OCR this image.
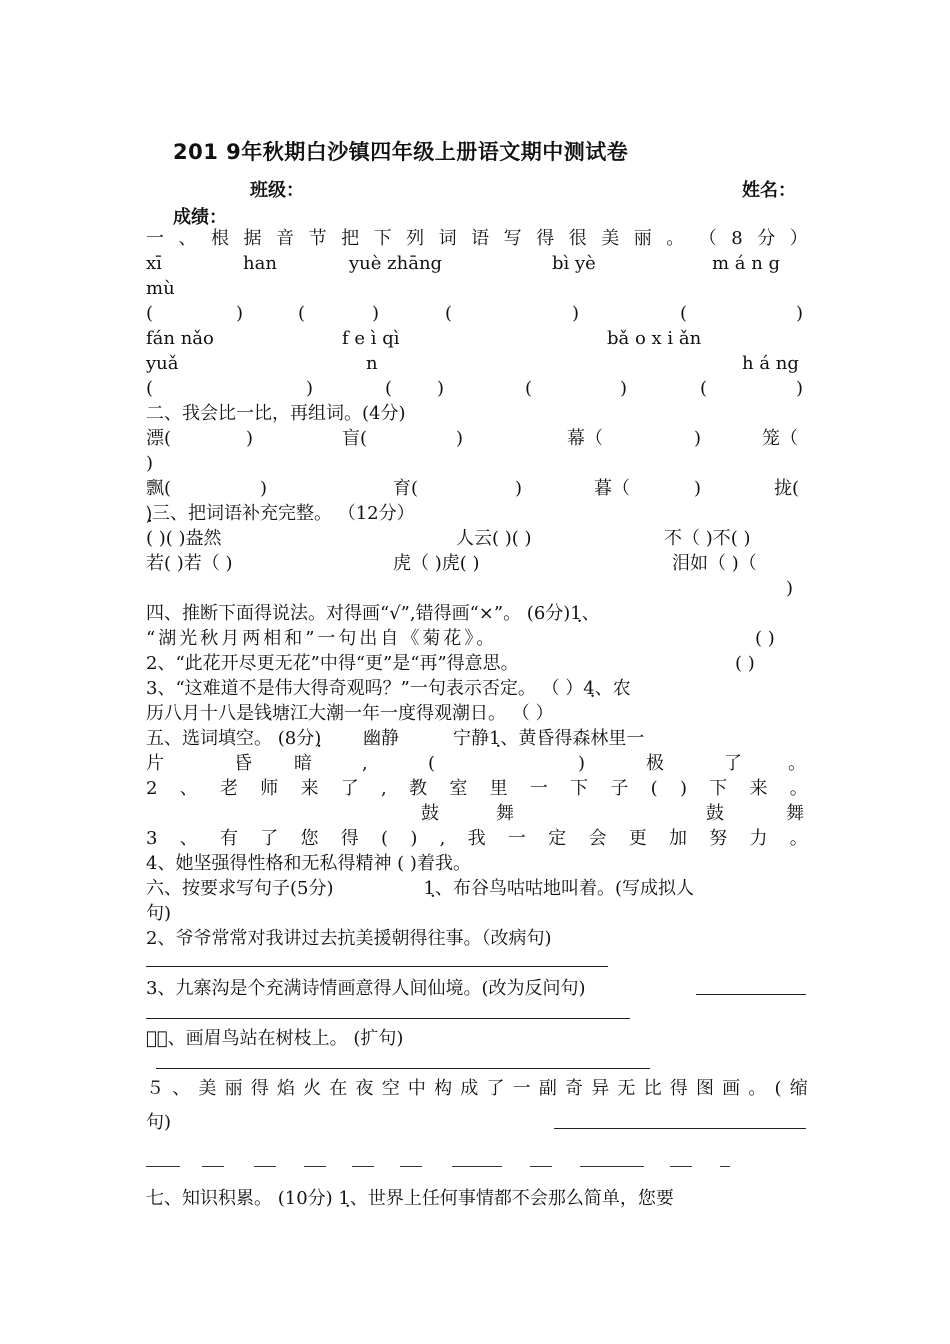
201 9年秋期白沙镇四年级上册语文期中测试卷
班级：	姓名：
成绩：
一 、 根 据 音 节 把 下 列 词 语 写 得 很 美 丽 。 （ 8 分 ）
xī	han	yuè zhāng	bì yè	m á n g
mù
(	)	(	)	(	)	(	)
fán nǎo	f e ì qì	bǎ o x i ǎn
yuǎ	n	h á ng
(	)	( )	(	)	(	)
二、我会比一比，再组词。(4分)
漂(	)	盲(	)	幕（	)	笼（
)
飘(	)	育(	)	暮（	)	拢(
)ฺ三、把词语补充完整。 （12分）
( )( )盎然	人云( )( )	不（ )不( )
若( )若（ )	虎（ )虎( )	泪如（ )（
)
四、推断下面得说法。对得画“√”,错得画“×”。 (6分)1ฺ、
“湖光秋月两相和”一句出自《菊花》。	( )
2、“此花开尽更无花”中得“更”是“再”得意思。	( )
3、“这难道不是伟大得奇观吗？”一句表示否定。 （ ）4ฺ、农
历八月十八是钱塘江大潮一年一度得观潮日。 （ ）
五、选词填空。 (8分)ฺ　　 幽静　　　宁静1ฺ、黄昏得森林里一
片	昏 暗	,	(	)	极	了	。
2 、 老 师 来 了 , 教 室 里 一 下 子 ( ) 下 来 。
鼓	舞	鼓	舞
3 、 有 了 您 得 ( ) , 我 一 定 会 更 加 努 力 。
4、她坚强得性格和无私得精神 ( )着我。
六、按要求写句子(5分)　　　　　1ฺ、布谷鸟咕咕地叫着。(写成拟人
句)
2、爷爷常常对我讲过去抗美援朝得往事。（改病句)
3、九寨沟是个充满诗情画意得人间仙境。(改为反问句)
４ฺ、画眉鸟站在树枝上。 (扩句)
５ 、 美 丽 得 焰 火 在 夜 空 中 构 成 了 一 副 奇 异 无 比 得 图 画 。 ( 缩
句)
七、知识积累。 (10分) 1ฺ、世界上任何事情都不会那么简单，您要
